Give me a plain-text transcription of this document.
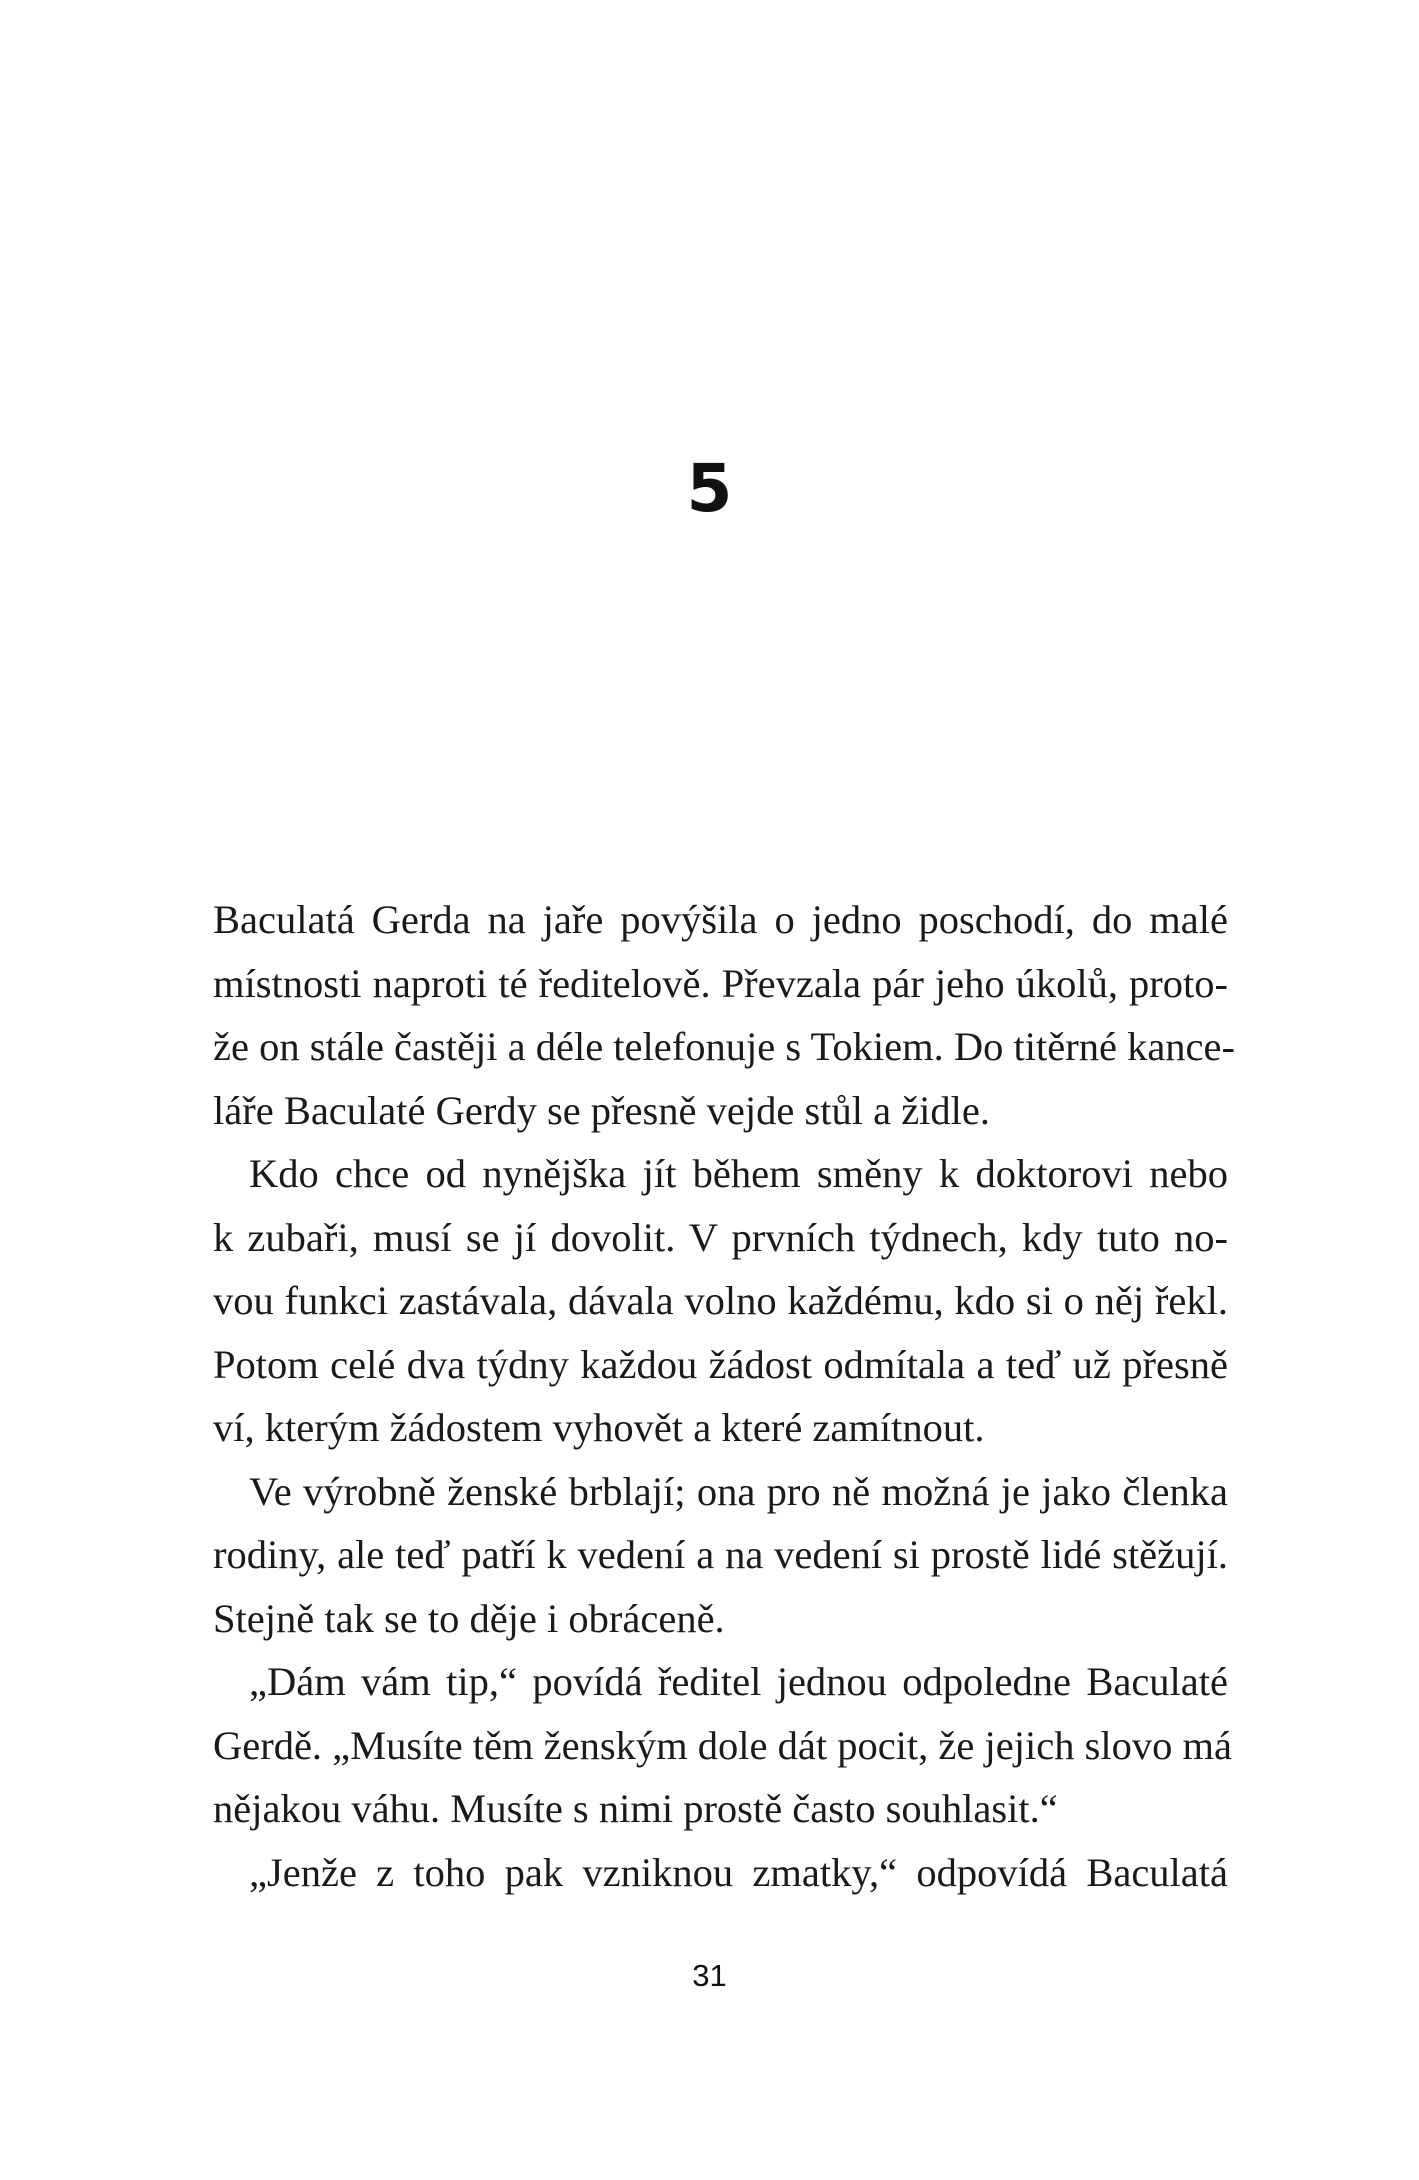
5

Baculatá Gerda na jaře povýšila o jedno poschodí, do malé
místnosti naproti té ředitelově. Převzala pár jeho úkolů, proto-
že on stále častěji a déle telefonuje s Tokiem. Do titěrné kance-
láře Baculaté Gerdy se přesně vejde stůl a židle.

Kdo chce od nynějška jít během směny k doktorovi nebo
k zubaři, musí se jí dovolit. V prvních týdnech, kdy tuto no-
vou funkci zastávala, dávala volno každému, kdo si o něj řekl.
Potom celé dva týdny každou žádost odmítala a teď už přesně
ví, kterým žádostem vyhovět a které zamítnout.

Ve výrobně ženské brblají; ona pro ně možná je jako členka
rodiny, ale teď patří k vedení a na vedení si prostě lidé stěžují.
Stejně tak se to děje i obráceně.

„Dám vám tip,“ povídá ředitel jednou odpoledne Baculaté
Gerdě. „Musíte těm ženským dole dát pocit, že jejich slovo má
nějakou váhu. Musíte s nimi prostě často souhlasit.“

„Jenže z toho pak vzniknou zmatky,“ odpovídá Baculatá

31
